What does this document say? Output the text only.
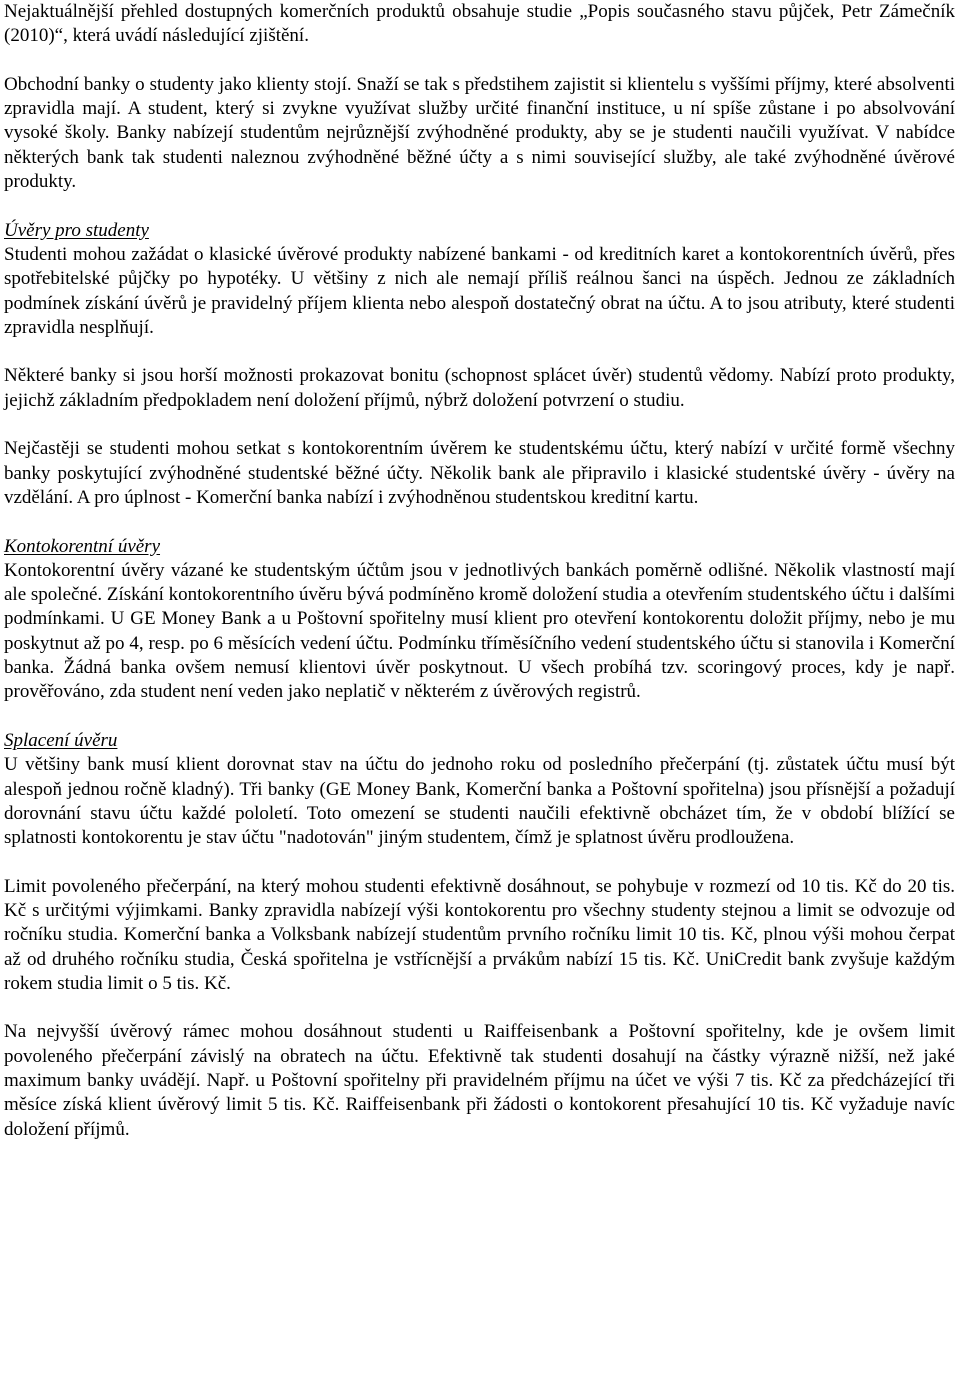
Nejaktuálnější přehled dostupných komerčních produktů obsahuje studie „Popis současného stavu půjček, Petr Zámečník (2010)“, která uvádí následující zjištění.

Obchodní banky o studenty jako klienty stojí. Snaží se tak s předstihem zajistit si klientelu s vyššími příjmy, které absolventi zpravidla mají. A student, který si zvykne využívat služby určité finanční instituce, u ní spíše zůstane i po absolvování vysoké školy. Banky nabízejí studentům nejrůznější zvýhodněné produkty, aby se je studenti naučili využívat. V nabídce některých bank tak studenti naleznou zvýhodněné běžné účty a s nimi související služby, ale také zvýhodněné úvěrové produkty.

Úvěry pro studenty

Studenti mohou zažádat o klasické úvěrové produkty nabízené bankami - od kreditních karet a kontokorentních úvěrů, přes spotřebitelské půjčky po hypotéky. U většiny z nich ale nemají příliš reálnou šanci na úspěch. Jednou ze základních podmínek získání úvěrů je pravidelný příjem klienta nebo alespoň dostatečný obrat na účtu. A to jsou atributy, které studenti zpravidla nesplňují.

Některé banky si jsou horší možnosti prokazovat bonitu (schopnost splácet úvěr) studentů vědomy. Nabízí proto produkty, jejichž základním předpokladem není doložení příjmů, nýbrž doložení potvrzení o studiu.

Nejčastěji se studenti mohou setkat s kontokorentním úvěrem ke studentskému účtu, který nabízí v určité formě všechny banky poskytující zvýhodněné studentské běžné účty. Několik bank ale připravilo i klasické studentské úvěry - úvěry na vzdělání. A pro úplnost - Komerční banka nabízí i zvýhodněnou studentskou kreditní kartu.

Kontokorentní úvěry

Kontokorentní úvěry vázané ke studentským účtům jsou v jednotlivých bankách poměrně odlišné. Několik vlastností mají ale společné. Získání kontokorentního úvěru bývá podmíněno kromě doložení studia a otevřením studentského účtu i dalšími podmínkami. U GE Money Bank a u Poštovní spořitelny musí klient pro otevření kontokorentu doložit příjmy, nebo je mu poskytnut až po 4, resp. po 6 měsících vedení účtu. Podmínku tříměsíčního vedení studentského účtu si stanovila i Komerční banka. Žádná banka ovšem nemusí klientovi úvěr poskytnout. U všech probíhá tzv. scoringový proces, kdy je např. prověřováno, zda student není veden jako neplatič v některém z úvěrových registrů.

Splacení úvěru

U většiny bank musí klient dorovnat stav na účtu do jednoho roku od posledního přečerpání (tj. zůstatek účtu musí být alespoň jednou ročně kladný). Tři banky (GE Money Bank, Komerční banka a Poštovní spořitelna) jsou přísnější a požadují dorovnání stavu účtu každé pololetí. Toto omezení se studenti naučili efektivně obcházet tím, že v období blížící se splatnosti kontokorentu je stav účtu "nadotován" jiným studentem, čímž je splatnost úvěru prodloužena.

Limit povoleného přečerpání, na který mohou studenti efektivně dosáhnout, se pohybuje v rozmezí od 10 tis. Kč do 20 tis. Kč s určitými výjimkami. Banky zpravidla nabízejí výši kontokorentu pro všechny studenty stejnou a limit se odvozuje od ročníku studia. Komerční banka a Volksbank nabízejí studentům prvního ročníku limit 10 tis. Kč, plnou výši mohou čerpat až od druhého ročníku studia, Česká spořitelna je vstřícnější a prvákům nabízí 15 tis. Kč. UniCredit bank zvyšuje každým rokem studia limit o 5 tis. Kč.

Na nejvyšší úvěrový rámec mohou dosáhnout studenti u Raiffeisenbank a Poštovní spořitelny, kde je ovšem limit povoleného přečerpání závislý na obratech na účtu. Efektivně tak studenti dosahují na částky výrazně nižší, než jaké maximum banky uvádějí. Např. u Poštovní spořitelny při pravidelném příjmu na účet ve výši 7 tis. Kč za předcházející tři měsíce získá klient úvěrový limit 5 tis. Kč. Raiffeisenbank při žádosti o kontokorent přesahující 10 tis. Kč vyžaduje navíc doložení příjmů.
